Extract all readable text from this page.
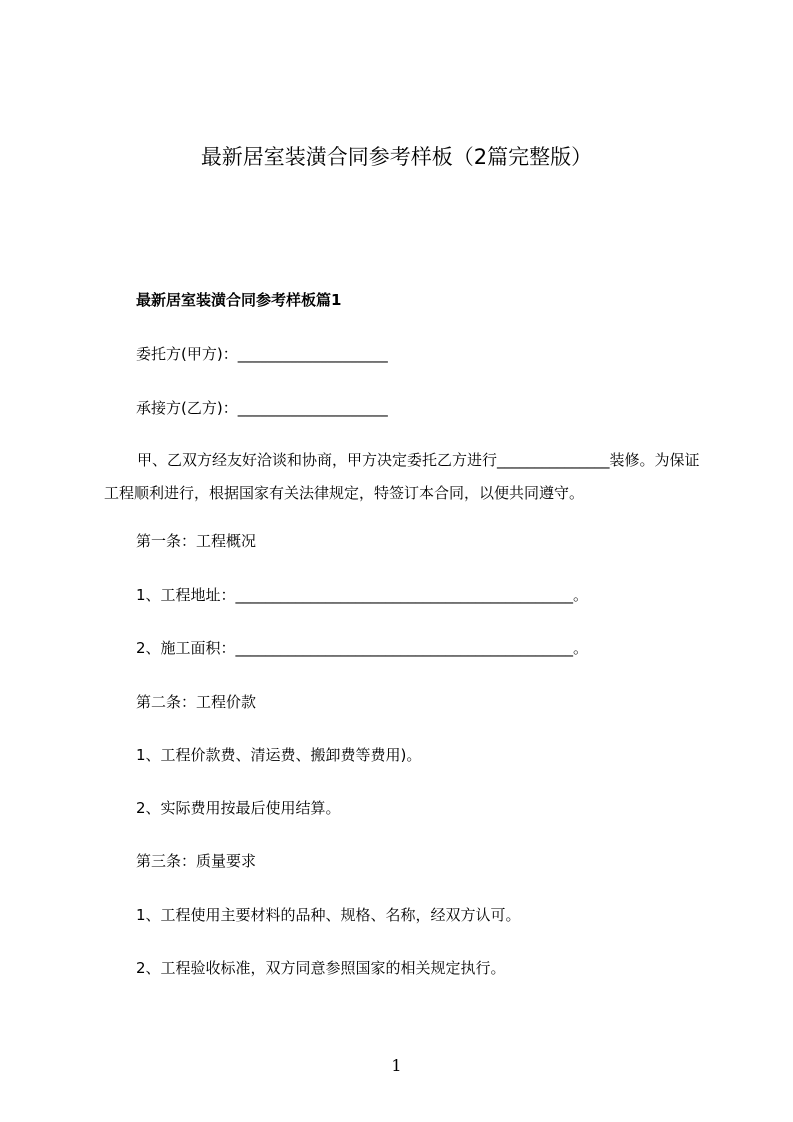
最新居室装潢合同参考样板（2篇完整版）
最新居室装潢合同参考样板篇1
委托方(甲方)：____________________
承接方(乙方)：____________________
甲、乙双方经友好洽谈和协商，甲方决定委托乙方进行_______________装修。为保证工程顺利进行，根据国家有关法律规定，特签订本合同，以便共同遵守。
第一条：工程概况
1、工程地址：_____________________________________________。
2、施工面积：_____________________________________________。
第二条：工程价款
1、工程价款费、清运费、搬卸费等费用)。
2、实际费用按最后使用结算。
第三条：质量要求
1、工程使用主要材料的品种、规格、名称，经双方认可。
2、工程验收标准，双方同意参照国家的相关规定执行。
1
